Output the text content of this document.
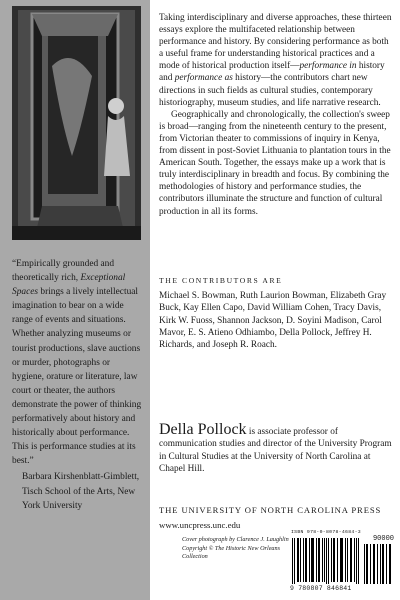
“Empirically grounded and theoretically rich, Exceptional Spaces brings a lively intellectual imagination to bear on a wide range of events and situations. Whether analyzing museums or tourist productions, slave auctions or murder, photographs or hygiene, orature or literature, law court or theater, the authors demonstrate the power of thinking performatively about history and historically about performance. This is performance studies at its best.”
Barbara Kirshenblatt-Gimblett, Tisch School of the Arts, New York University

Taking interdisciplinary and diverse approaches, these thirteen essays explore the multifaceted relationship between performance and history. By considering performance as both a useful frame for understanding historical practices and a mode of historical production itself—performance in history and performance as history—the contributors chart new directions in such fields as cultural studies, contemporary historiography, museum studies, and life narrative research.

Geographically and chronologically, the collection's sweep is broad—ranging from the nineteenth century to the present, from Victorian theater to commissions of inquiry in Kenya, from dissent in post-Soviet Lithuania to plantation tours in the American South. Together, the essays make up a work that is truly interdisciplinary in breadth and focus. By combining the methodologies of history and performance studies, the contributors illuminate the structure and function of cultural production in all its forms.

THE CONTRIBUTORS ARE
Michael S. Bowman, Ruth Laurion Bowman, Elizabeth Gray Buck, Kay Ellen Capo, David William Cohen, Tracy Davis, Kirk W. Fuoss, Shannon Jackson, D. Soyini Madison, Carol Mavor, E. S. Atieno Odhiambo, Della Pollock, Jeffrey H. Richards, and Joseph R. Roach.
Della Pollock is associate professor of communication studies and director of the University Program in Cultural Studies at the University of North Carolina at Chapel Hill.
THE UNIVERSITY OF NORTH CAROLINA PRESS
www.uncpress.unc.edu
Cover photograph by Clarence J. Laughlin Copyright © The Historic New Orleans Collection
ISBN 978-0-8078-4684-3
90000
9 780807 846841
